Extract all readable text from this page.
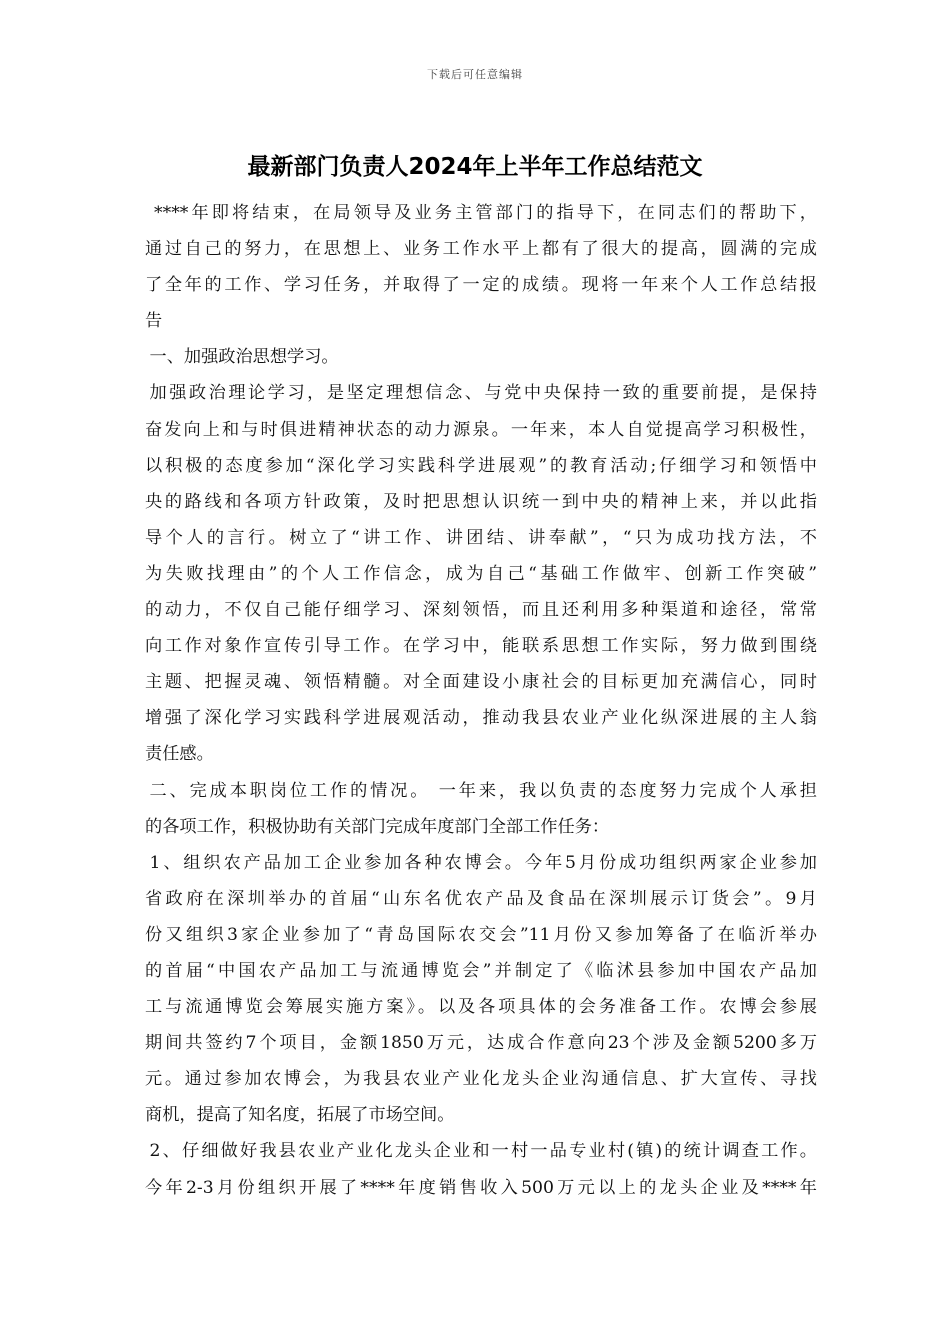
下载后可任意编辑
最新部门负责人2024年上半年工作总结范文
****年即将结束，在局领导及业务主管部门的指导下，在同志们的帮助下，
通过自己的努力，在思想上、业务工作水平上都有了很大的提高，圆满的完成
了全年的工作、学习任务，并取得了一定的成绩。现将一年来个人工作总结报
告
一、加强政治思想学习。
加强政治理论学习，是坚定理想信念、与党中央保持一致的重要前提，是保持
奋发向上和与时俱进精神状态的动力源泉。一年来，本人自觉提高学习积极性，
以积极的态度参加“深化学习实践科学进展观”的教育活动;仔细学习和领悟中
央的路线和各项方针政策，及时把思想认识统一到中央的精神上来，并以此指
导个人的言行。树立了“讲工作、讲团结、讲奉献”，“只为成功找方法，不
为失败找理由”的个人工作信念，成为自己“基础工作做牢、创新工作突破”
的动力，不仅自己能仔细学习、深刻领悟，而且还利用多种渠道和途径，常常
向工作对象作宣传引导工作。在学习中，能联系思想工作实际，努力做到围绕
主题、把握灵魂、领悟精髓。对全面建设小康社会的目标更加充满信心，同时
增强了深化学习实践科学进展观活动，推动我县农业产业化纵深进展的主人翁
责任感。
二、完成本职岗位工作的情况。 一年来，我以负责的态度努力完成个人承担
的各项工作，积极协助有关部门完成年度部门全部工作任务：
1、组织农产品加工企业参加各种农博会。今年5月份成功组织两家企业参加
省政府在深圳举办的首届“山东名优农产品及食品在深圳展示订货会”。9月
份又组织3家企业参加了“青岛国际农交会”11月份又参加筹备了在临沂举办
的首届“中国农产品加工与流通博览会”并制定了《临沭县参加中国农产品加
工与流通博览会筹展实施方案》。以及各项具体的会务准备工作。农博会参展
期间共签约7个项目，金额1850万元，达成合作意向23个涉及金额5200多万
元。通过参加农博会，为我县农业产业化龙头企业沟通信息、扩大宣传、寻找
商机，提高了知名度，拓展了市场空间。
2、仔细做好我县农业产业化龙头企业和一村一品专业村(镇)的统计调查工作。
今年2-3月份组织开展了****年度销售收入500万元以上的龙头企业及****年
